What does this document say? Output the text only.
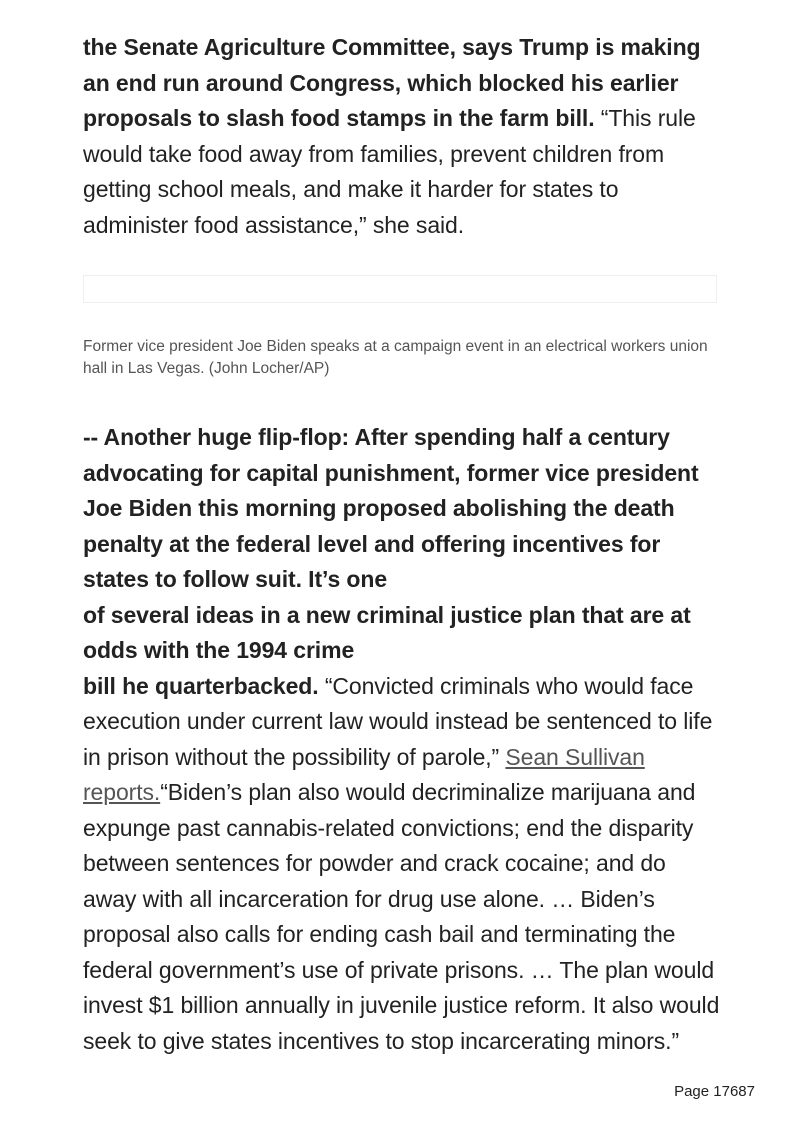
the Senate Agriculture Committee, says Trump is making an end run around Congress, which blocked his earlier proposals to slash food stamps in the farm bill. “This rule would take food away from families, prevent children from getting school meals, and make it harder for states to administer food assistance,” she said.

Former vice president Joe Biden speaks at a campaign event in an electrical workers union hall in Las Vegas. (John Locher/AP)

-- Another huge flip-flop: After spending half a century advocating for capital punishment, former vice president Joe Biden this morning proposed abolishing the death penalty at the federal level and offering incentives for states to follow suit. It’s one
of several ideas in a new criminal justice plan that are at odds with the 1994 crime
bill he quarterbacked. “Convicted criminals who would face execution under current law would instead be sentenced to life in prison without the possibility of parole,” Sean Sullivan reports.“Biden’s plan also would decriminalize marijuana and expunge past cannabis-related convictions; end the disparity between sentences for powder and crack cocaine; and do away with all incarceration for drug use alone. … Biden’s proposal also calls for ending cash bail and terminating the federal government’s use of private prisons. … The plan would invest $1 billion annually in juvenile justice reform. It also would seek to give states incentives to stop incarcerating minors.”

Page 17687
